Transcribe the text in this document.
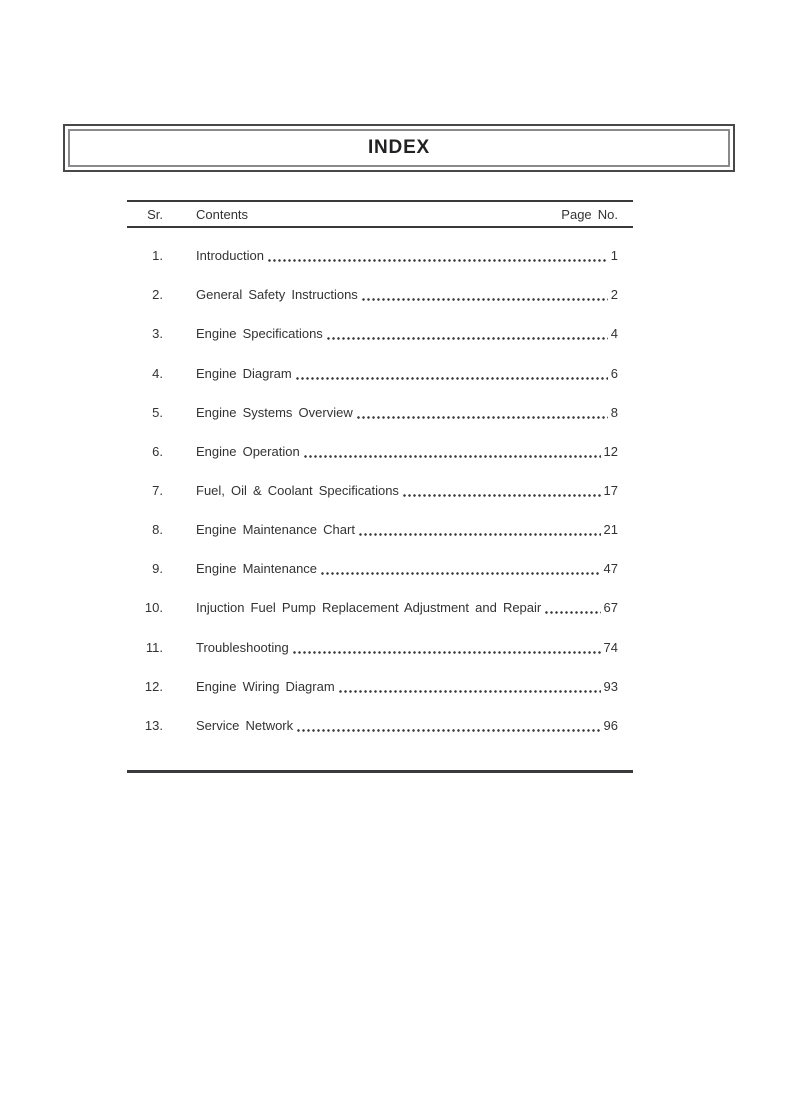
INDEX
Sr.	Contents	Page No.
1.	Introduction	1
2.	General Safety Instructions	2
3.	Engine Specifications	4
4.	Engine Diagram	6
5.	Engine Systems Overview	8
6.	Engine Operation	12
7.	Fuel, Oil & Coolant Specifications	17
8.	Engine Maintenance Chart	21
9.	Engine Maintenance	47
10.	Injuction Fuel Pump Replacement Adjustment and Repair	67
11.	Troubleshooting	74
12.	Engine Wiring Diagram	93
13.	Service Network	96
